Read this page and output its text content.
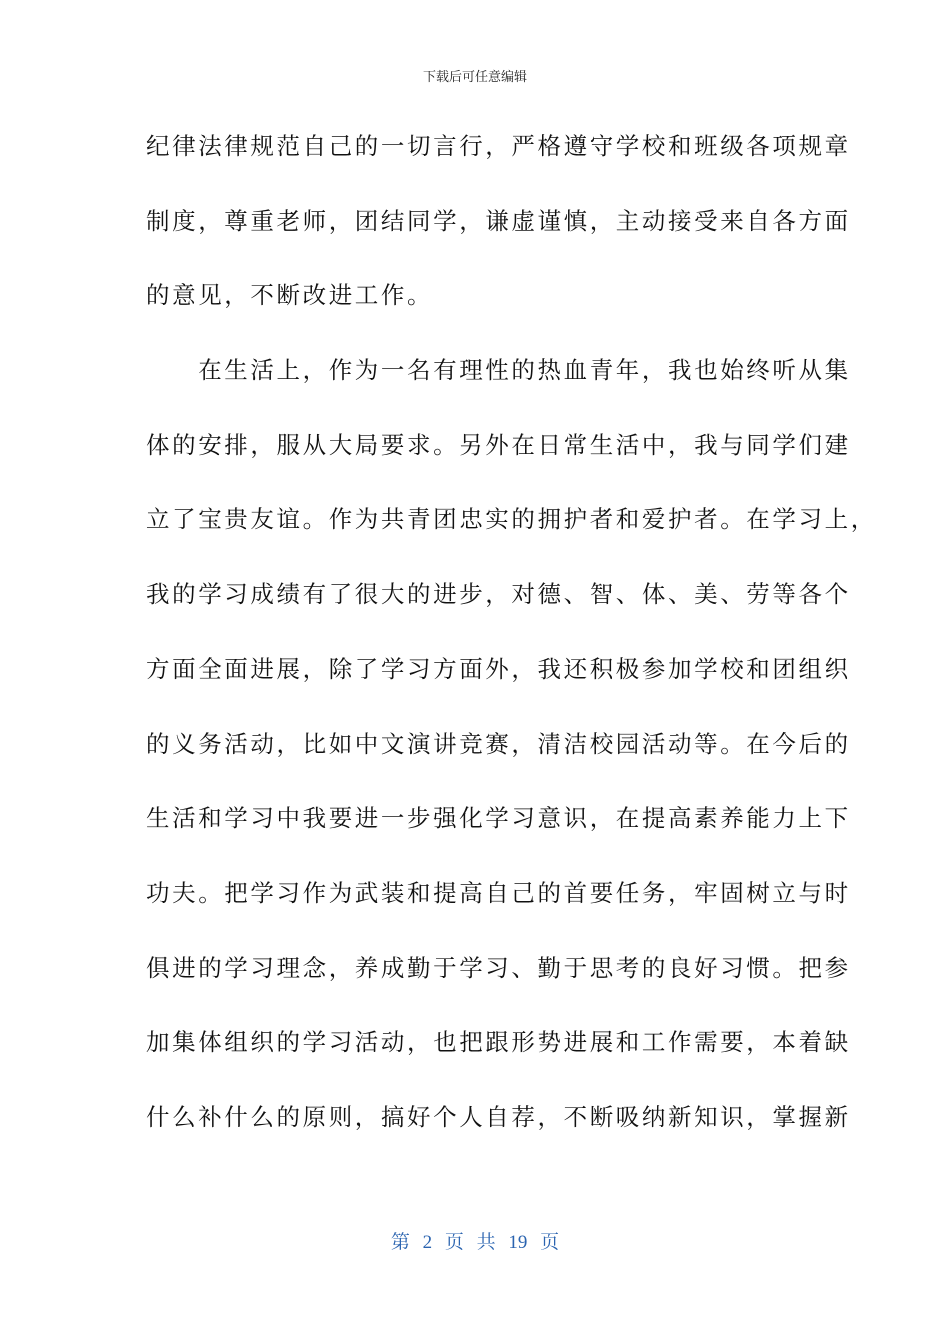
下载后可任意编辑
纪律法律规范自己的一切言行，严格遵守学校和班级各项规章
制度，尊重老师，团结同学，谦虚谨慎，主动接受来自各方面
的意见，不断改进工作。
　　在生活上，作为一名有理性的热血青年，我也始终听从集
体的安排，服从大局要求。另外在日常生活中，我与同学们建
立了宝贵友谊。作为共青团忠实的拥护者和爱护者。在学习上，
我的学习成绩有了很大的进步，对德、智、体、美、劳等各个
方面全面进展，除了学习方面外，我还积极参加学校和团组织
的义务活动，比如中文演讲竞赛，清洁校园活动等。在今后的
生活和学习中我要进一步强化学习意识，在提高素养能力上下
功夫。把学习作为武装和提高自己的首要任务，牢固树立与时
俱进的学习理念，养成勤于学习、勤于思考的良好习惯。把参
加集体组织的学习活动，也把跟形势进展和工作需要，本着缺
什么补什么的原则，搞好个人自荐，不断吸纳新知识，掌握新
第 2 页 共 19 页
